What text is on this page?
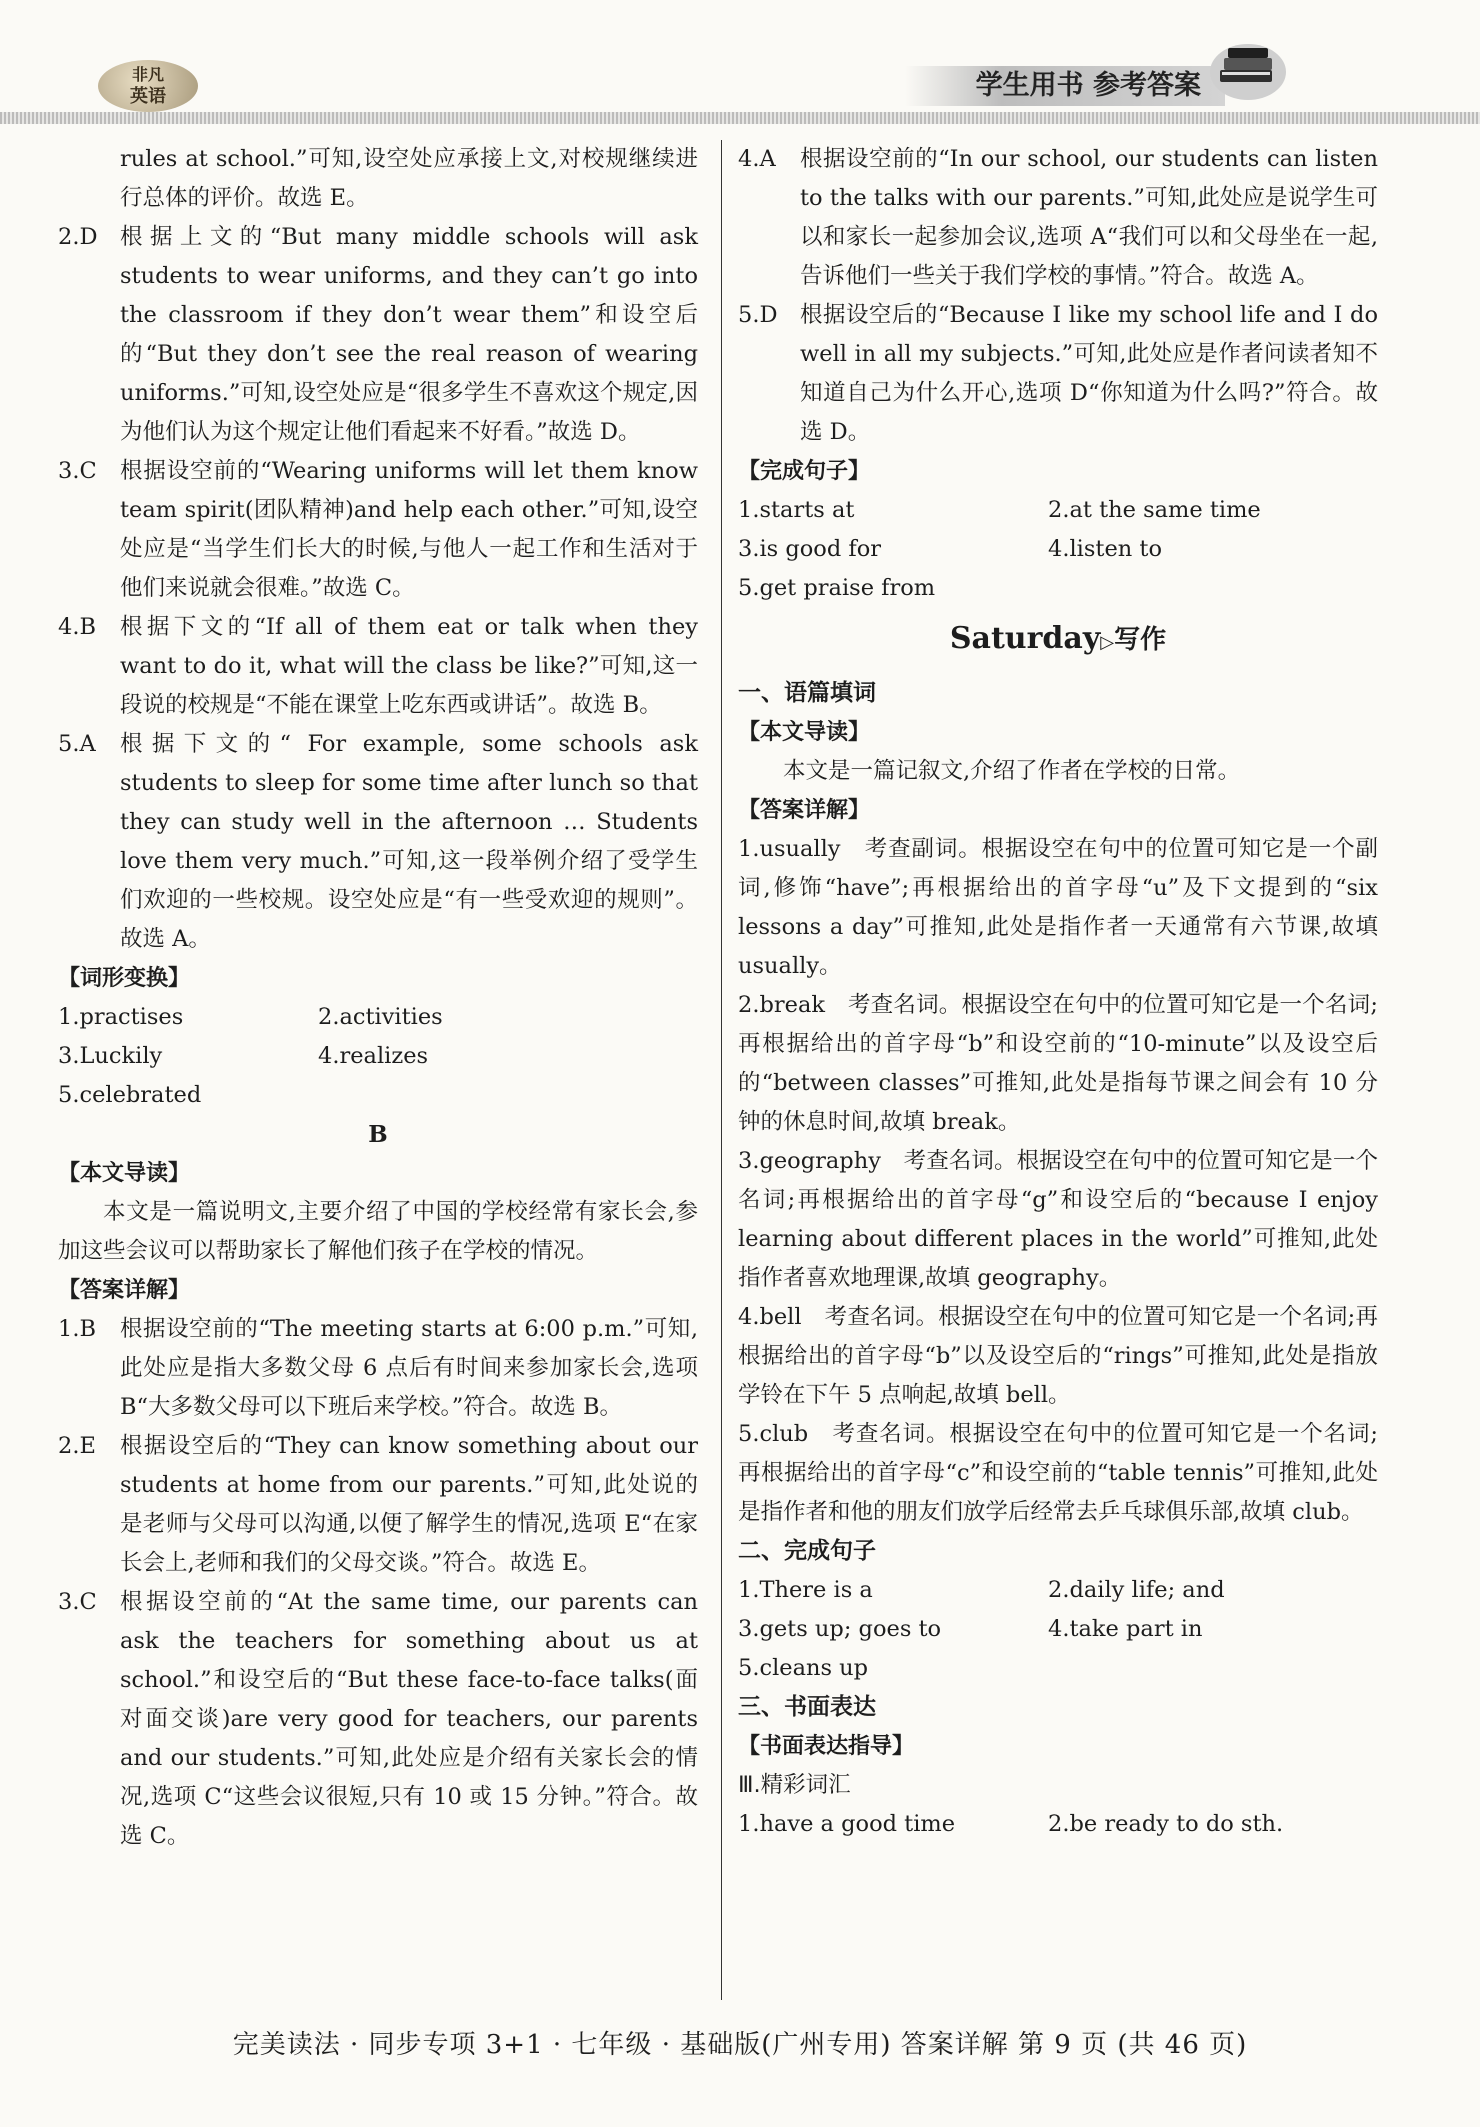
非凡
英语	学生用书 参考答案
rules at school.”可知,设空处应承接上文,对校规继续进行总体的评价。故选 E。
2.D 根据上文的“But many middle schools will ask students to wear uniforms, and they can’t go into the classroom if they don’t wear them”和设空后的“But they don’t see the real reason of wearing uniforms.”可知,设空处应是“很多学生不喜欢这个规定,因为他们认为这个规定让他们看起来不好看。”故选 D。
3.C	根据设空前的“Wearing uniforms will let them know team spirit(团队精神)and help each other.”可知,设空处应是“当学生们长大的时候,与他人一起工作和生活对于他们来说就会很难。”故选 C。
4.B	根据下文的“If all of them eat or talk when they want to do it, what will the class be like?”可知,这一段说的校规是“不能在课堂上吃东西或讲话”。故选 B。
5.A	根据下文的“ For example, some schools ask students to sleep for some time after lunch so that they can study well in the afternoon … Students love them very much.”可知,这一段举例介绍了受学生们欢迎的一些校规。设空处应是“有一些受欢迎的规则”。故选 A。
【词形变换】
1.practises	2.activities
3.Luckily	4.realizes
5.celebrated
B
【本文导读】
本文是一篇说明文,主要介绍了中国的学校经常有家长会,参加这些会议可以帮助家长了解他们孩子在学校的情况。
【答案详解】
1.B	根据设空前的“The meeting starts at 6:00 p.m.”可知,此处应是指大多数父母 6 点后有时间来参加家长会,选项 B“大多数父母可以下班后来学校。”符合。故选 B。
2.E	根据设空后的“They can know something about our students at home from our parents.”可知,此处说的是老师与父母可以沟通,以便了解学生的情况,选项 E“在家长会上,老师和我们的父母交谈。”符合。故选 E。
3.C	根据设空前的“At the same time, our parents can ask the teachers for something about us at school.”和设空后的“But these face-to-face talks(面对面交谈)are very good for teachers, our parents and our students.”可知,此处应是介绍有关家长会的情况,选项 C“这些会议很短,只有 10 或 15 分钟。”符合。故选 C。
4.A	根据设空前的“In our school, our students can listen to the talks with our parents.”可知,此处应是说学生可以和家长一起参加会议,选项 A“我们可以和父母坐在一起,告诉他们一些关于我们学校的事情。”符合。故选 A。
5.D 根据设空后的“Because I like my school life and I do well in all my subjects.”可知,此处应是作者问读者知不知道自己为什么开心,选项 D“你知道为什么吗?”符合。故选 D。
【完成句子】
1.starts at	2.at the same time
3.is good for	4.listen to
5.get praise from
Saturday▷写作
一、语篇填词
【本文导读】
本文是一篇记叙文,介绍了作者在学校的日常。
【答案详解】
1.usually　 考查副词。根据设空在句中的位置可知它是一个副词,修饰“have”;再根据给出的首字母“u”及下文提到的“six lessons a day”可推知,此处是指作者一天通常有六节课,故填 usually。
2.break　 考查名词。根据设空在句中的位置可知它是一个名词;再根据给出的首字母“b”和设空前的“10-minute”以及设空后的“between classes”可推知,此处是指每节课之间会有 10 分钟的休息时间,故填 break。
3.geography　 考查名词。根据设空在句中的位置可知它是一个名词;再根据给出的首字母“g”和设空后的“because I enjoy learning about different places in the world”可推知,此处指作者喜欢地理课,故填 geography。
4.bell　 考查名词。根据设空在句中的位置可知它是一个名词;再根据给出的首字母“b”以及设空后的“rings”可推知,此处是指放学铃在下午 5 点响起,故填 bell。
5.club　 考查名词。根据设空在句中的位置可知它是一个名词;再根据给出的首字母“c”和设空前的“table tennis”可推知,此处是指作者和他的朋友们放学后经常去乒乓球俱乐部,故填 club。
二、完成句子
1.There is a	2.daily life; and
3.gets up; goes to	4.take part in
5.cleans up
三、书面表达
【书面表达指导】
Ⅲ.精彩词汇
1.have a good time	2.be ready to do sth.
完美读法 · 同步专项 3+1 · 七年级 · 基础版(广州专用) 答案详解 第 9 页 (共 46 页)
